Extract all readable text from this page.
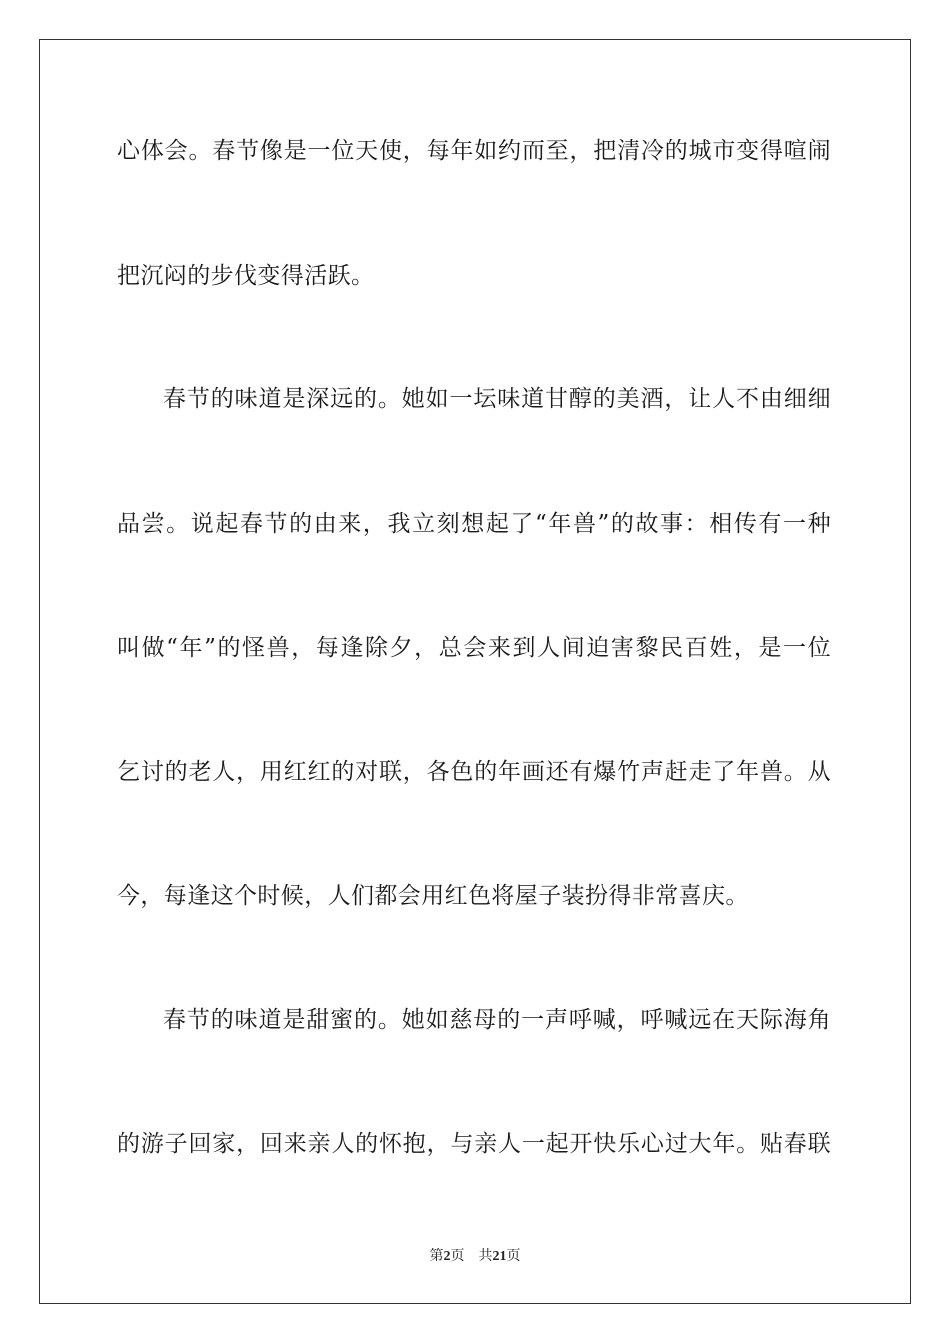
心体会。春节像是一位天使，每年如约而至，把清冷的城市变得喧闹
把沉闷的步伐变得活跃。
春节的味道是深远的。她如一坛味道甘醇的美酒，让人不由细细
品尝。说起春节的由来，我立刻想起了“年兽”的故事：相传有一种
叫做“年”的怪兽，每逢除夕，总会来到人间迫害黎民百姓，是一位
乞讨的老人，用红红的对联，各色的年画还有爆竹声赶走了年兽。从
今，每逢这个时候，人们都会用红色将屋子装扮得非常喜庆。
春节的味道是甜蜜的。她如慈母的一声呼喊，呼喊远在天际海角
的游子回家，回来亲人的怀抱，与亲人一起开快乐心过大年。贴春联
第2页 共21页
